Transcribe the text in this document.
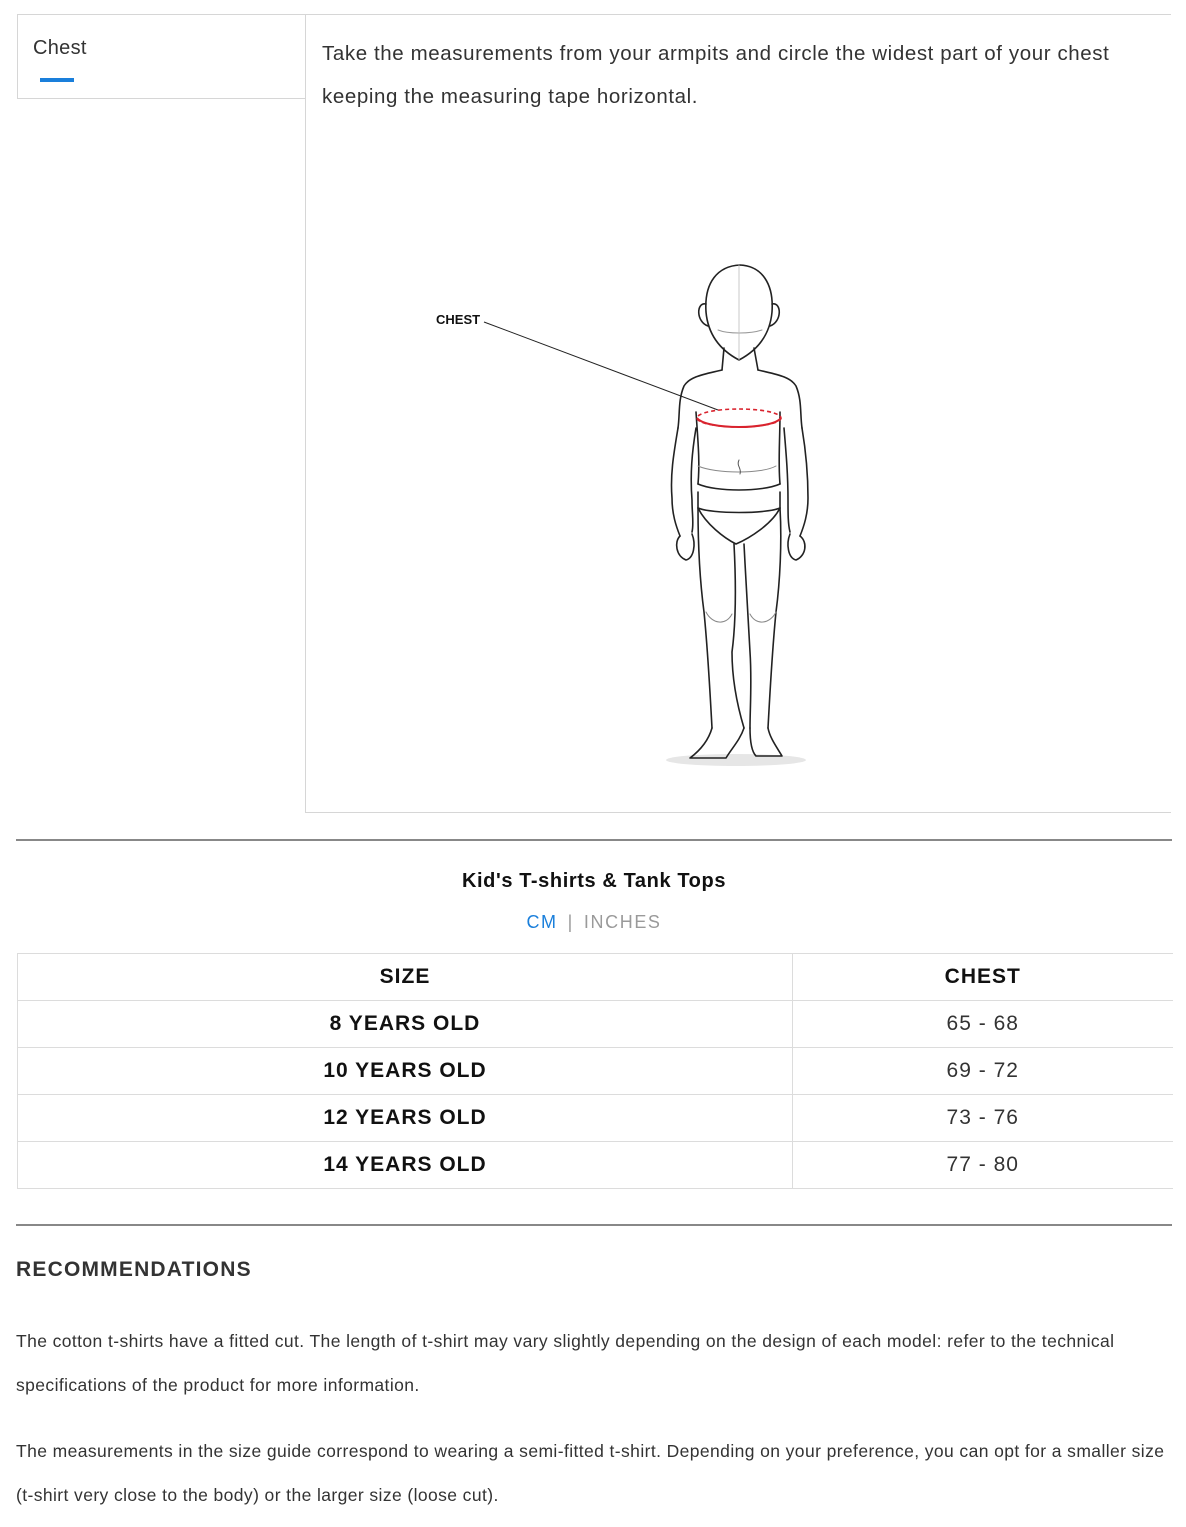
Chest	Take the measurements from your armpits and circle the widest part of your chest keeping the measuring tape horizontal.

CHEST
Kid's T-shirts & Tank Tops
CM | INCHES
SIZE	CHEST
8 YEARS OLD	65 - 68
10 YEARS OLD	69 - 72
12 YEARS OLD	73 - 76
14 YEARS OLD	77 - 80
RECOMMENDATIONS

The cotton t-shirts have a fitted cut. The length of t-shirt may vary slightly depending on the design of each model: refer to the technical specifications of the product for more information.

The measurements in the size guide correspond to wearing a semi-fitted t-shirt. Depending on your preference, you can opt for a smaller size (t-shirt very close to the body) or the larger size (loose cut).
